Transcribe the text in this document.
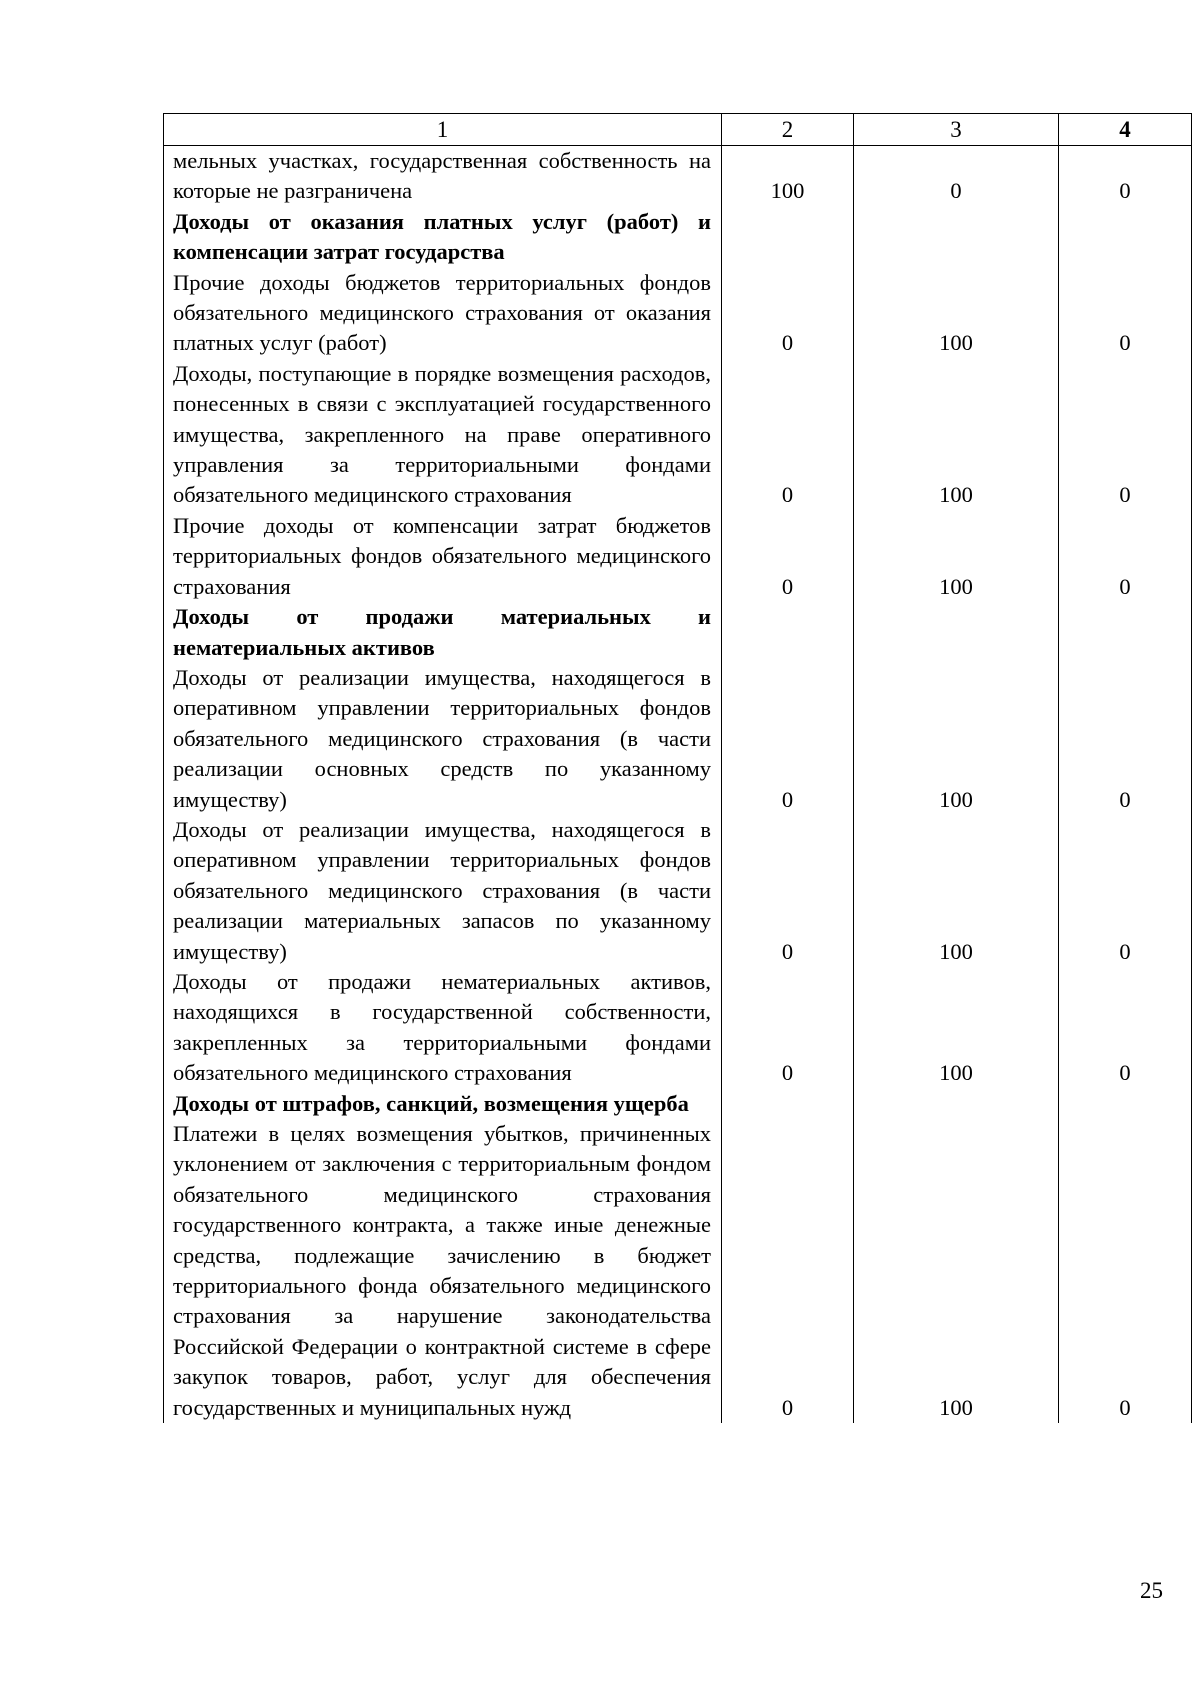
1	2	3	4
мельных участках, государственная собственность на которые не разграничена	100	0	0
Доходы от оказания платных услуг (работ) и компенсации затрат государства			
Прочие доходы бюджетов территориальных фондов обязательного медицинского страхования от оказания платных услуг (работ)	0	100	0
Доходы, поступающие в порядке возмещения расходов, понесенных в связи с эксплуатацией государственного имущества, закрепленного на праве оперативного управления за территориальными фондами обязательного медицинского страхования	0	100	0
Прочие доходы от компенсации затрат бюджетов территориальных фондов обязательного медицинского страхования	0	100	0
Доходы от продажи материальных и нематериальных активов			
Доходы от реализации имущества, находящегося в оперативном управлении территориальных фондов обязательного медицинского страхования (в части реализации основных средств по указанному имуществу)	0	100	0
Доходы от реализации имущества, находящегося в оперативном управлении территориальных фондов обязательного медицинского страхования (в части реализации материальных запасов по указанному имуществу)	0	100	0
Доходы от продажи нематериальных активов, находящихся в государственной собственности, закрепленных за территориальными фондами обязательного медицинского страхования	0	100	0
Доходы от штрафов, санкций, возмещения ущерба			
Платежи в целях возмещения убытков, причиненных уклонением от заключения с территориальным фондом обязательного медицинского страхования государственного контракта, а также иные денежные средства, подлежащие зачислению в бюджет территориального фонда обязательного медицинского страхования за нарушение законодательства Российской Федерации о контрактной системе в сфере закупок товаров, работ, услуг для обеспечения государственных и муниципальных нужд	0	100	0
25
